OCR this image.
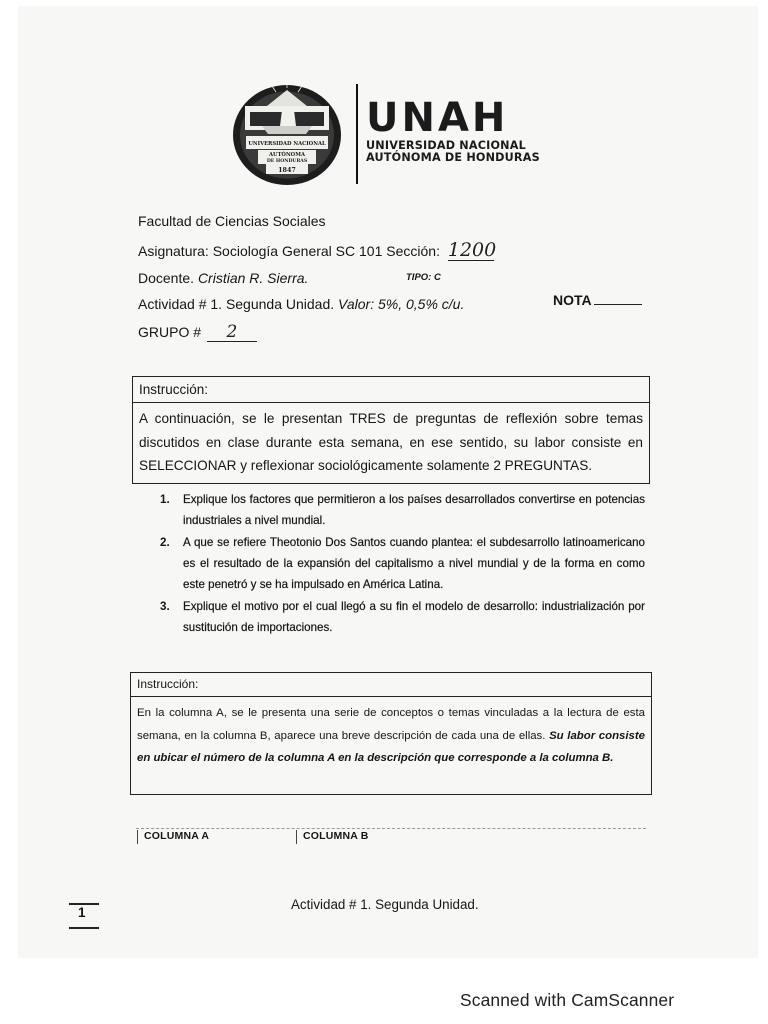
UNIVERSIDAD NACIONAL
AUTÓNOMA
DE HONDURAS
1847
UNAH
UNIVERSIDAD NACIONAL
AUTÓNOMA DE HONDURAS
Facultad de Ciencias Sociales
Asignatura: Sociología General SC 101 Sección: 1200
Docente. Cristian R. Sierra.	TIPO: C
Actividad # 1. Segunda Unidad. Valor: 5%, 0,5% c/u.	NOTA
GRUPO # 2
Instrucción:
A continuación, se le presentan TRES de preguntas de reflexión sobre temas discutidos en clase durante esta semana, en ese sentido, su labor consiste en SELECCIONAR y reflexionar sociológicamente solamente 2 PREGUNTAS.
1. Explique los factores que permitieron a los países desarrollados convertirse en potencias industriales a nivel mundial.
2. A que se refiere Theotonio Dos Santos cuando plantea: el subdesarrollo latinoamericano es el resultado de la expansión del capitalismo a nivel mundial y de la forma en como este penetró y se ha impulsado en América Latina.
3. Explique el motivo por el cual llegó a su fin el modelo de desarrollo: industrialización por sustitución de importaciones.
Instrucción:
En la columna A, se le presenta una serie de conceptos o temas vinculadas a la lectura de esta semana, en la columna B, aparece una breve descripción de cada una de ellas. Su labor consiste en ubicar el número de la columna A en la descripción que corresponde a la columna B.
COLUMNA A	COLUMNA B
1
Actividad # 1. Segunda Unidad.
Scanned with CamScanner
